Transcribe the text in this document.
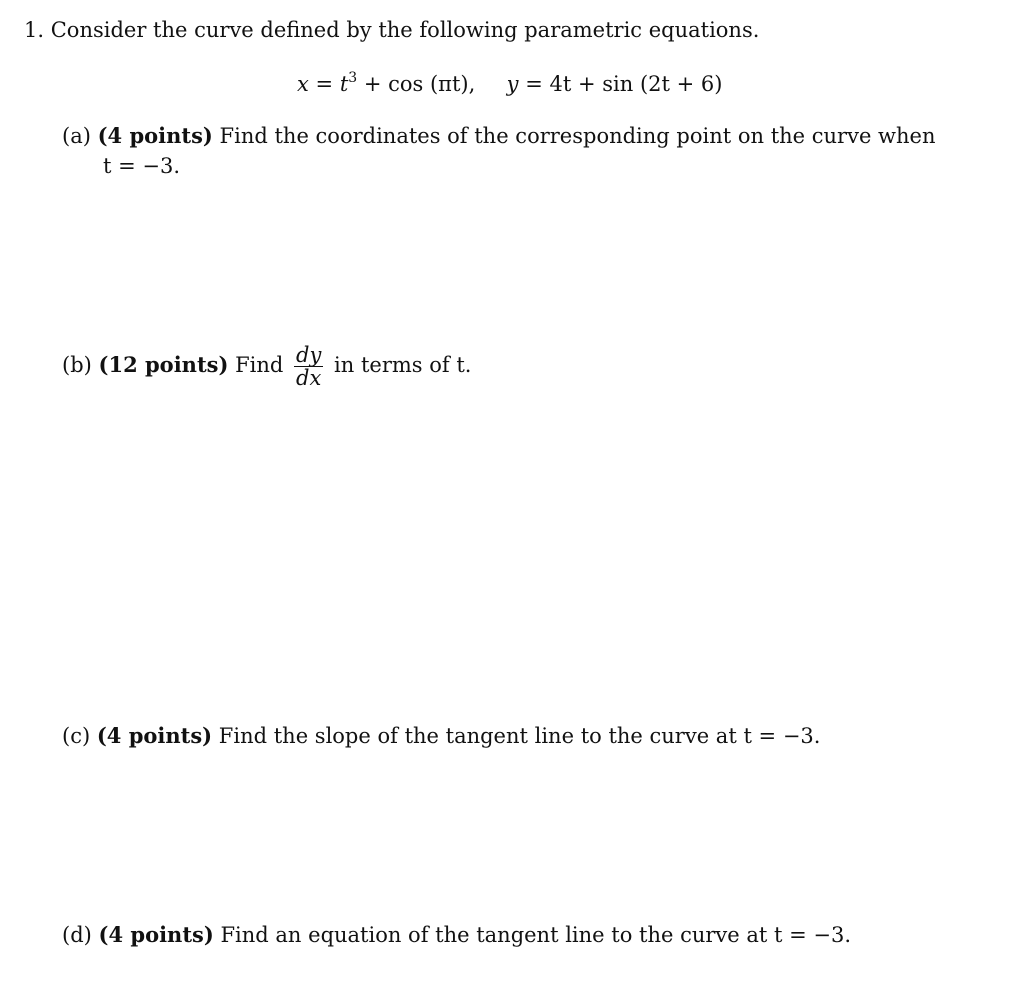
1. Consider the curve defined by the following parametric equations.
$x = t^3 + \cos (\pi t)$, y = 4t + sin (2t + 6)
(a) (4 points) Find the coordinates of the corresponding point on the curve when
t = −3.
(b) (12 points) Find $\frac{dy}{dx}$ in terms of t.
(c) (4 points) Find the slope of the tangent line to the curve at t = −3.
(d) (4 points) Find an equation of the tangent line to the curve at t = −3.
